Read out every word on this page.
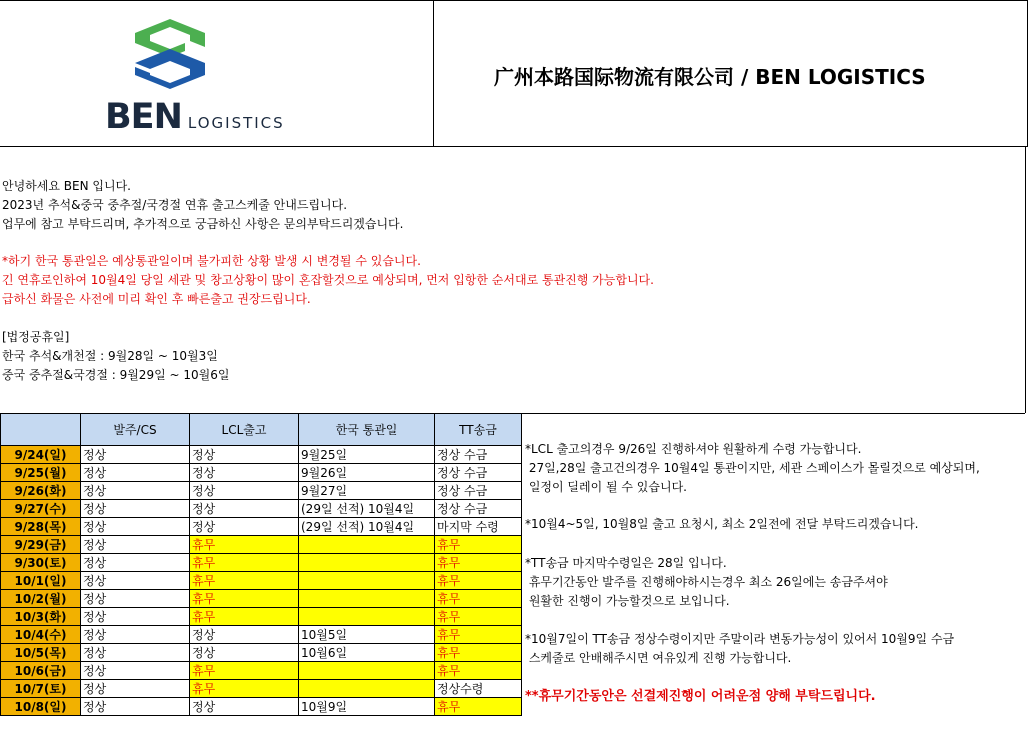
BEN LOGISTICS
广州本路国际物流有限公司 / BEN LOGISTICS
안녕하세요 BEN 입니다.
2023년 추석&중국 중추절/국경절 연휴 출고스케줄 안내드립니다.
업무에 참고 부탁드리며, 추가적으로 궁금하신 사항은 문의부탁드리겠습니다.
*하기 한국 통관일은 예상통관일이며 불가피한 상황 발생 시 변경될 수 있습니다.
긴 연휴로인하여 10월4일 당일 세관 및 창고상황이 많이 혼잡할것으로 예상되며, 먼저 입항한 순서대로 통관진행 가능합니다.
급하신 화물은 사전에 미리 확인 후 빠른출고 권장드립니다.
[법정공휴일]
한국 추석&개천절 : 9월28일 ~ 10월3일
중국 중추절&국경절 : 9월29일 ~ 10월6일
	발주/CS	LCL출고	한국 통관일	TT송금
9/24(일)	정상	정상	9월25일	정상 수금
9/25(월)	정상	정상	9월26일	정상 수금
9/26(화)	정상	정상	9월27일	정상 수금
9/27(수)	정상	정상	(29일 선적) 10월4일	정상 수금
9/28(목)	정상	정상	(29일 선적) 10월4일	마지막 수령
9/29(금)	정상	휴무		휴무
9/30(토)	정상	휴무		휴무
10/1(일)	정상	휴무		휴무
10/2(월)	정상	휴무		휴무
10/3(화)	정상	휴무		휴무
10/4(수)	정상	정상	10월5일	휴무
10/5(목)	정상	정상	10월6일	휴무
10/6(금)	정상	휴무		휴무
10/7(토)	정상	휴무		정상수령
10/8(일)	정상	정상	10월9일	휴무
*LCL 출고의경우 9/26일 진행하셔야 원활하게 수령 가능합니다.
27일,28일 출고건의경우 10월4일 통관이지만, 세관 스페이스가 몰릴것으로 예상되며,
일정이 딜레이 될 수 있습니다.
*10월4~5일, 10월8일 출고 요청시, 최소 2일전에 전달 부탁드리겠습니다.
*TT송금 마지막수령일은 28일 입니다.
휴무기간동안 발주를 진행해야하시는경우 최소 26일에는 송금주셔야
원활한 진행이 가능할것으로 보입니다.
*10월7일이 TT송금 정상수령이지만 주말이라 변동가능성이 있어서 10월9일 수금
스케줄로 안배해주시면 여유있게 진행 가능합니다.
**휴무기간동안은 선결제진행이 어려운점 양해 부탁드립니다.
